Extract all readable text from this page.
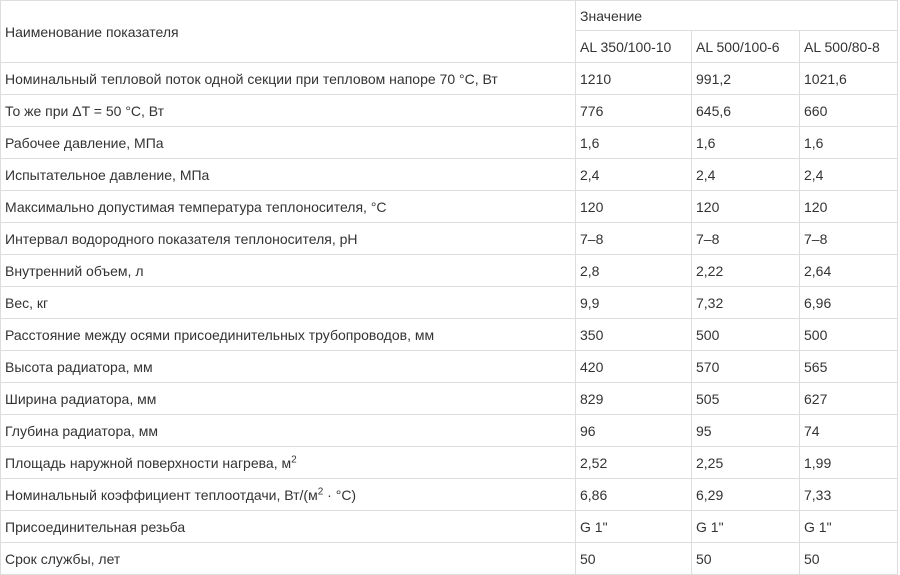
Наименование показателя	Значение		
	AL 350/100-10	AL 500/100-6	AL 500/80-8
Номинальный тепловой поток одной секции при тепловом напоре 70 °С, Вт	1210	991,2	1021,6
То же при ΔT = 50 °С, Вт	776	645,6	660
Рабочее давление, МПа	1,6	1,6	1,6
Испытательное давление, МПа	2,4	2,4	2,4
Максимально допустимая температура теплоносителя, °С	120	120	120
Интервал водородного показателя теплоносителя, pH	7–8	7–8	7–8
Внутренний объем, л	2,8	2,22	2,64
Вес, кг	9,9	7,32	6,96
Расстояние между осями присоединительных трубопроводов, мм	350	500	500
Высота радиатора, мм	420	570	565
Ширина радиатора, мм	829	505	627
Глубина радиатора, мм	96	95	74
Площадь наружной поверхности нагрева, $м^2$	2,52	2,25	1,99
Номинальный коэффициент теплоотдачи, $Вт/(м^2 \cdot ^\circ С)$	6,86	6,29	7,33
Присоединительная резьба	G 1"	G 1"	G 1"
Срок службы, лет	50	50	50
